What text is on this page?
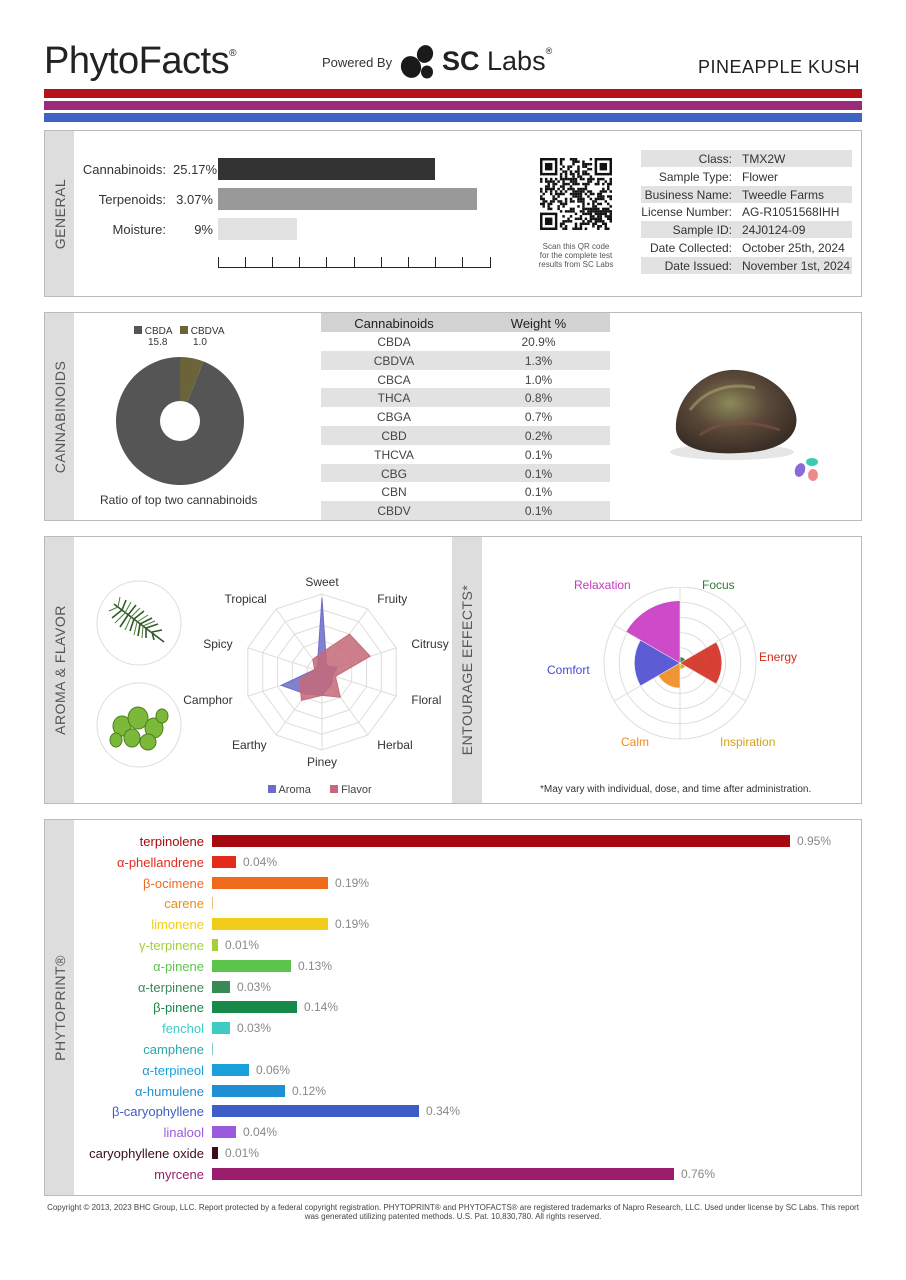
PhytoFacts®
Powered By SC Labs®
PINEAPPLE KUSH
GENERAL
Cannabinoids: 25.17%
Terpenoids: 3.07%
Moisture:	9%
Scan this QR code
for the complete test
results from SC Labs
Class: TMX2W
Sample Type: Flower
Business Name: Tweedle Farms
License Number: AG-R1051568IHH
Sample ID: 24J0124-09
Date Collected: October 25th, 2024
Date Issued: November 1st, 2024
CANNABINOIDS
CBDA
15.8
CBDVA
1.0
Ratio of top two cannabinoids
Cannabinoids	Weight %
CBDA	20.9%
CBDVA	1.3%
CBCA	1.0%
THCA	0.8%
CBGA	0.7%
CBD	0.2%
THCVA	0.1%
CBG	0.1%
CBN	0.1%
CBDV	0.1%
AROMA & FLAVOR	ENTOURAGE EFFECTS*
Sweet
Fruity
Citrusy
Floral
Herbal
Piney
Earthy
Camphor
Spicy
Tropical
Aroma	Flavor
Relaxation	Focus
Energy
Inspiration
Calm
Comfort
*May vary with individual, dose, and time after administration.
PHYTOPRINT®
terpinolene	0.95%
α-phellandrene	0.04%
β-ocimene	0.19%
carene
limonene	0.19%
γ-terpinene 0.01%
α-pinene	0.13%
α-terpinene	0.03%
β-pinene	0.14%
fenchol	0.03%
camphene
α-terpineol	0.06%
α-humulene	0.12%
β-caryophyllene	0.34%
linalool	0.04%
caryophyllene oxide 0.01%
myrcene	0.76%
Copyright © 2013, 2023 BHC Group, LLC. Report protected by a federal copyright registration. PHYTOPRINT® and PHYTOFACTS® are registered trademarks of Napro Research, LLC. Used under license by SC Labs. This report
was generated utilizing patented methods. U.S. Pat. 10,830,780. All rights reserved.
